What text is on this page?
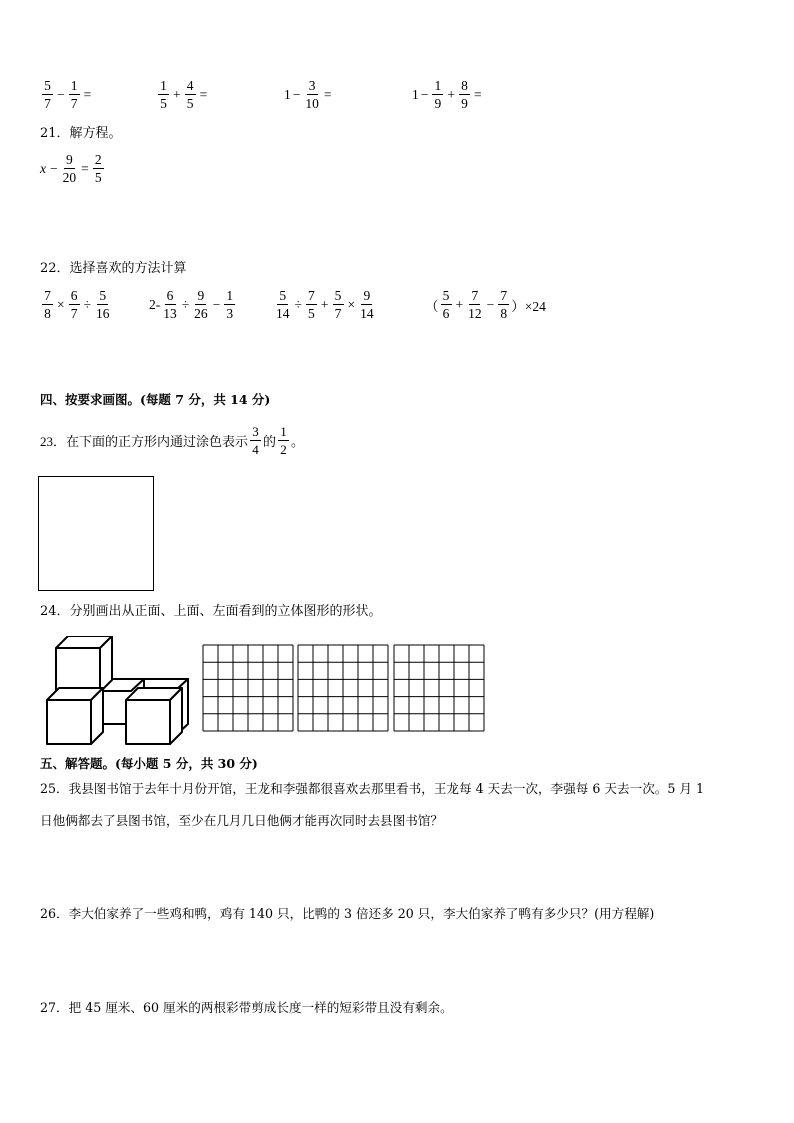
$\frac{5}{7} - \frac{1}{7}$ =	$\frac{1}{5} + \frac{4}{5}$ =	$1 - \frac{3}{10}$ =	$1 - \frac{1}{9} + \frac{8}{9}$ =
21．解方程。
$x - \frac{9}{20} = \frac{2}{5}$
22．选择喜欢的方法计算
$\frac{7}{8} \times \frac{6}{7} \div \frac{5}{16}$	$2- \frac{6}{13} \div \frac{9}{26} - \frac{1}{3}$	$\frac{5}{14} \div \frac{7}{5} + \frac{5}{7} \times \frac{9}{14}$	（ $\frac{5}{6} + \frac{7}{12} - \frac{7}{8} )\times 24$
四、按要求画图。(每题 7 分，共 14 分)
23．在下面的正方形内通过涂色表示 $\frac{3}{4}$ 的 $\frac{1}{2}$ 。
24．分别画出从正面、上面、左面看到的立体图形的形状。
五、解答题。(每小题 5 分，共 30 分)
25．我县图书馆于去年十月份开馆，王龙和李强都很喜欢去那里看书，王龙每 4 天去一次，李强每 6 天去一次。5 月 1
日他俩都去了县图书馆，至少在几月几日他俩才能再次同时去县图书馆？
26．李大伯家养了一些鸡和鸭，鸡有 140 只，比鸭的 3 倍还多 20 只，李大伯家养了鸭有多少只？(用方程解)
27．把 45 厘米、60 厘米的两根彩带剪成长度一样的短彩带且没有剩余。
